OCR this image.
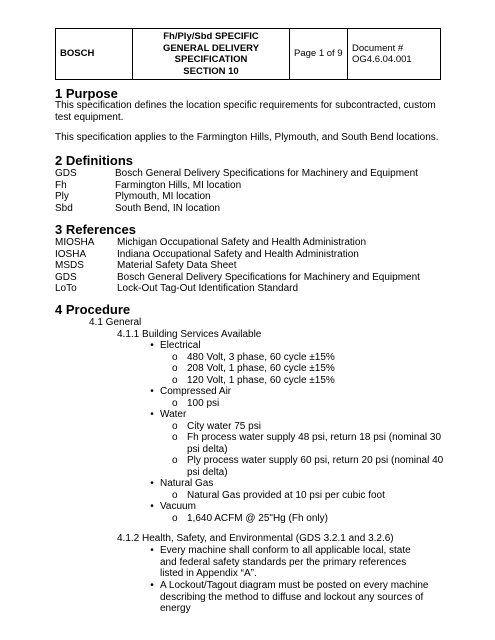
BOSCH	
Fh/Ply/Sbd SPECIFIC
GENERAL DELIVERY
SPECIFICATION
SECTION 10
	Page 1 of 9	
Document #
OG4.6.04.001
1 Purpose
This specification defines the location specific requirements for subcontracted, custom test equipment.
This specification applies to the Farmington Hills, Plymouth, and South Bend locations.
2 Definitions
GDS	Bosch General Delivery Specifications for Machinery and Equipment
Fh	Farmington Hills, MI location
Ply	Plymouth, MI location
Sbd	South Bend, IN location
3 References
MIOSHA	Michigan Occupational Safety and Health Administration
IOSHA	Indiana Occupational Safety and Health Administration
MSDS	Material Safety Data Sheet
GDS	Bosch General Delivery Specifications for Machinery and Equipment
LoTo	Lock-Out Tag-Out Identification Standard
4 Procedure
4.1 General
4.1.1 Building Services Available
• Electrical
o 480 Volt, 3 phase, 60 cycle ±15%
o 208 Volt, 1 phase, 60 cycle ±15%
o 120 Volt, 1 phase, 60 cycle ±15%
• Compressed Air
o 100 psi
• Water
o City water 75 psi
o Fh process water supply 48 psi, return 18 psi (nominal 30 psi delta)
o Ply process water supply 60 psi, return 20 psi (nominal 40 psi delta)
• Natural Gas
o Natural Gas provided at 10 psi per cubic foot
• Vacuum
o 1,640 ACFM @ 25"Hg (Fh only)
4.1.2 Health, Safety, and Environmental (GDS 3.2.1 and 3.2.6)
• Every machine shall conform to all applicable local, state and federal safety standards per the primary references listed in Appendix “A”.
• A Lockout/Tagout diagram must be posted on every machine describing the method to diffuse and lockout any sources of energy
